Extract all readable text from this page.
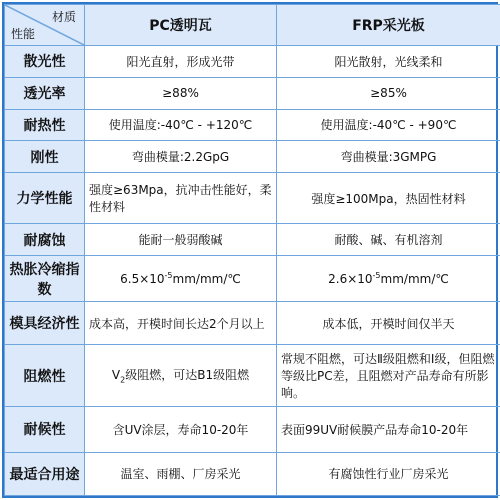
材质
性能	PC透明瓦	FRP采光板
散光性	阳光直射，形成光带	阳光散射，光线柔和
透光率	≥88%	≥85%
耐热性	使用温度:-40℃ - +120℃	使用温度:-40℃ - +90℃
刚性	弯曲模量:2.2GpG	弯曲模量:3GMPG
力学性能	强度≥63Mpa，抗冲击性能好，柔性材料	强度≥100Mpa，热固性材料
耐腐蚀	能耐一般弱酸碱	耐酸、碱、有机溶剂
热胀冷缩指数	$6.5\times 10^{-5}mm/mm/℃$	$2.6\times 10^{-5}mm/mm/℃$
模具经济性	成本高，开模时间长达2个月以上	成本低，开模时间仅半天
阻燃性	$V_2$级阻燃，可达B1级阻燃	常规不阻燃，可达Ⅱ级阻燃和Ⅰ级，但阻燃等级比PC差，且阻燃对产品寿命有所影响。
耐候性	含UV涂层，寿命10-20年	表面99UV耐候膜产品寿命10-20年
最适合用途	温室、雨棚、厂房采光	有腐蚀性行业厂房采光
